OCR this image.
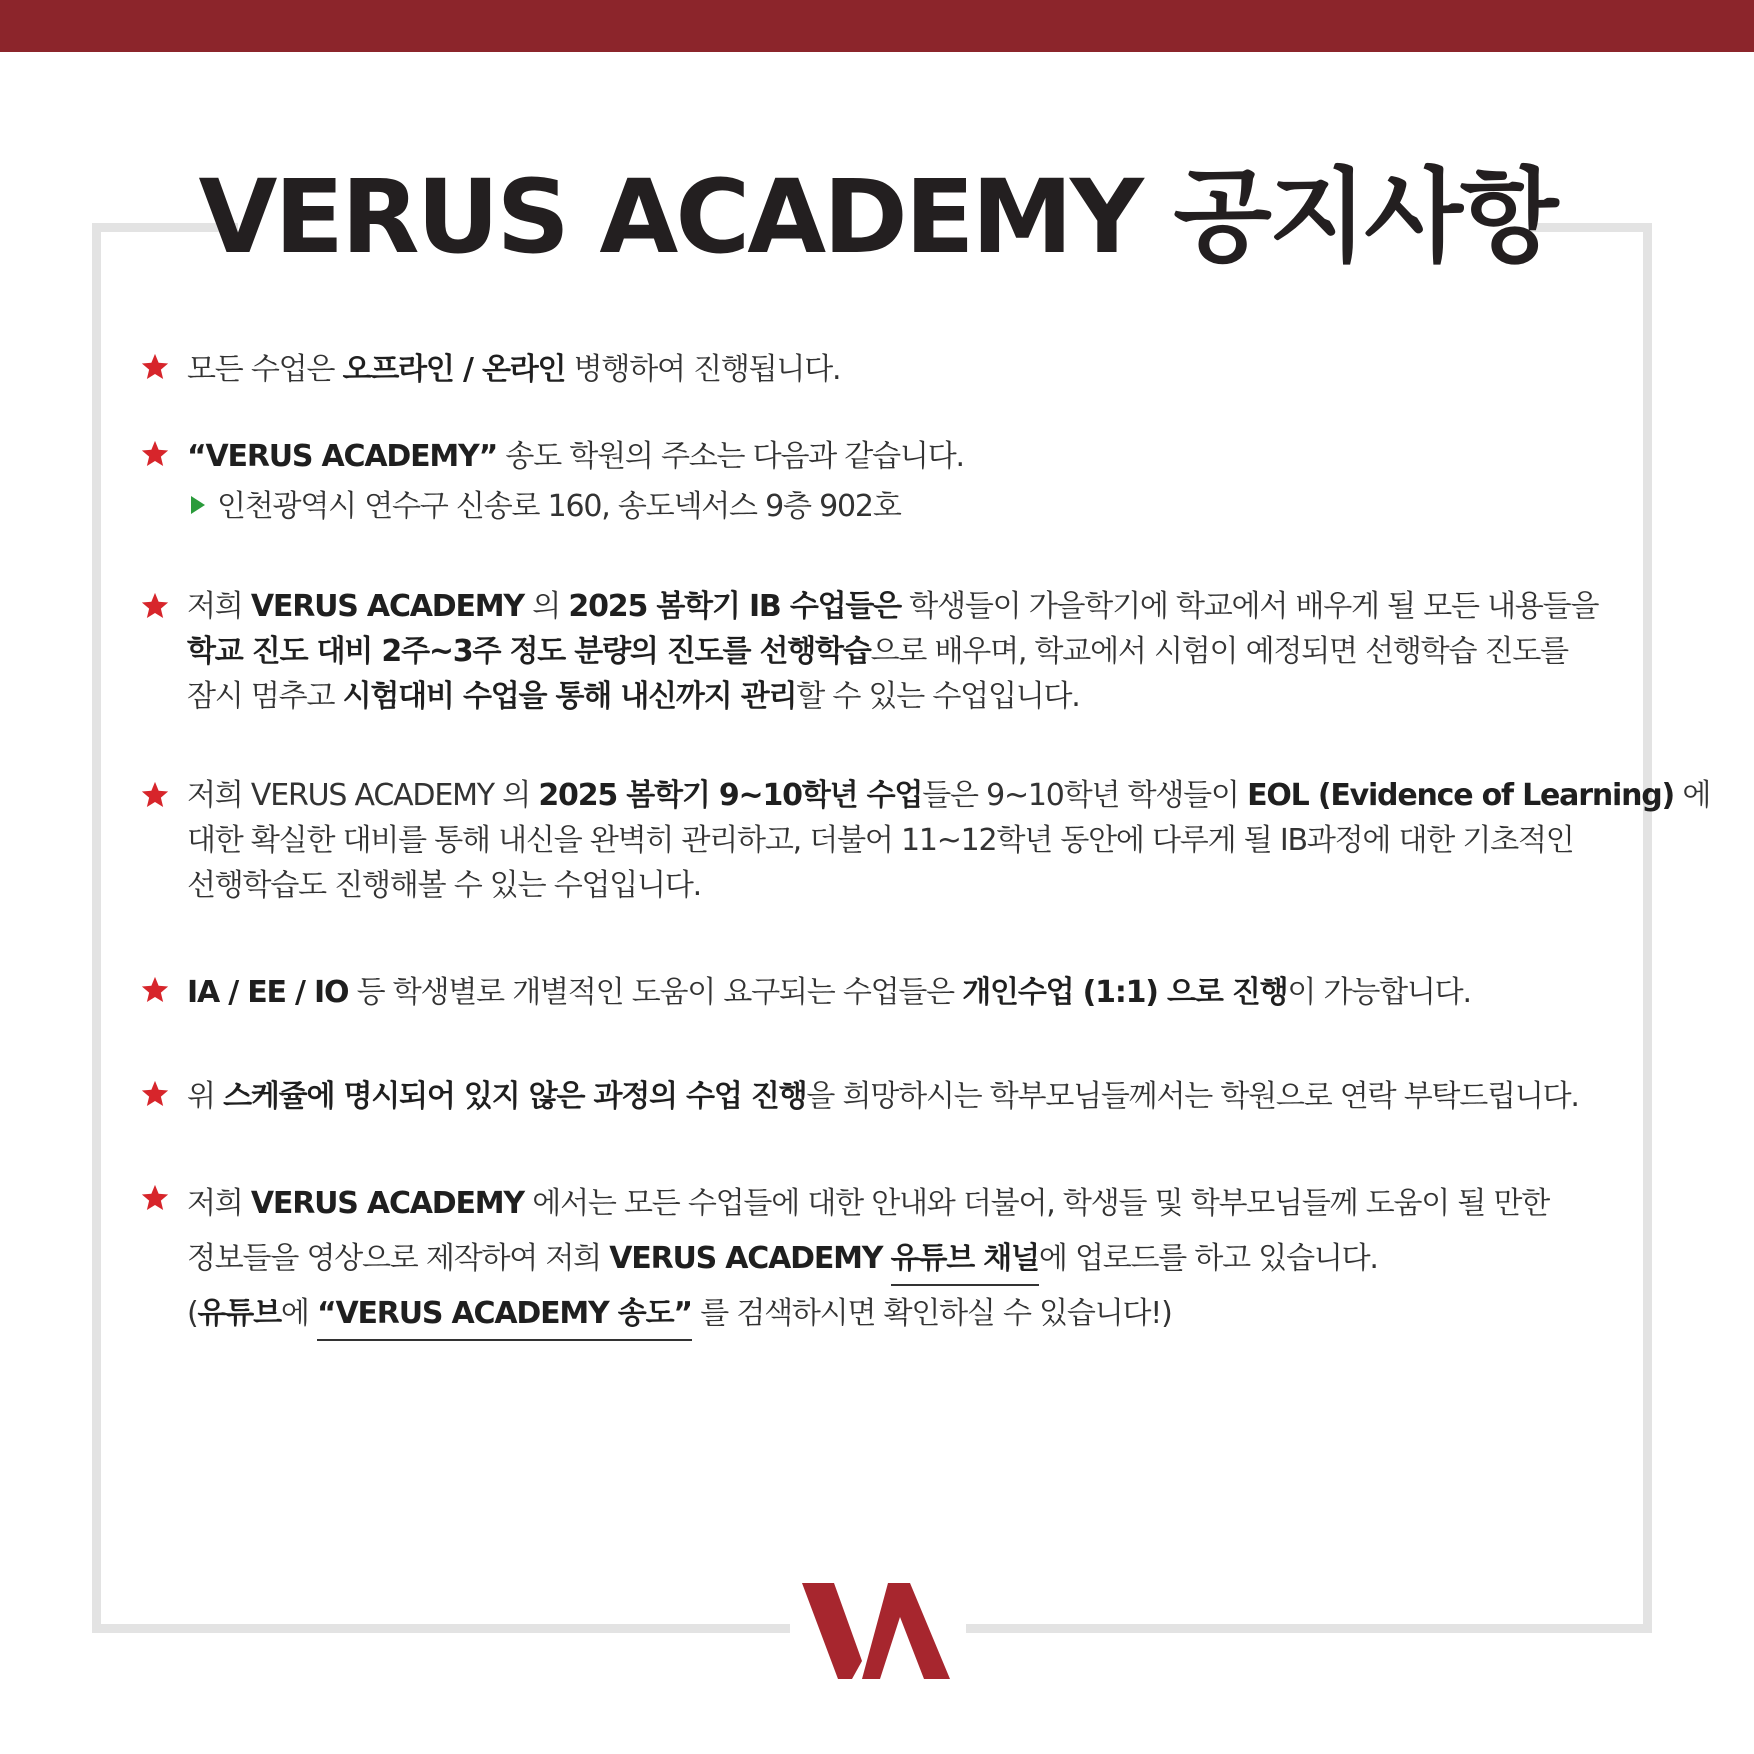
VERUS ACADEMY 공지사항
모든 수업은 오프라인 / 온라인 병행하여 진행됩니다.
“VERUS ACADEMY” 송도 학원의 주소는 다음과 같습니다.
인천광역시 연수구 신송로 160, 송도넥서스 9층 902호
저희 VERUS ACADEMY 의 2025 봄학기 IB 수업들은 학생들이 가을학기에 학교에서 배우게 될 모든 내용들을
학교 진도 대비 2주~3주 정도 분량의 진도를 선행학습으로 배우며, 학교에서 시험이 예정되면 선행학습 진도를
잠시 멈추고 시험대비 수업을 통해 내신까지 관리할 수 있는 수업입니다.
저희 VERUS ACADEMY 의 2025 봄학기 9~10학년 수업들은 9~10학년 학생들이 EOL (Evidence of Learning) 에
대한 확실한 대비를 통해 내신을 완벽히 관리하고, 더불어 11~12학년 동안에 다루게 될 IB과정에 대한 기초적인
선행학습도 진행해볼 수 있는 수업입니다.
IA / EE / IO 등 학생별로 개별적인 도움이 요구되는 수업들은 개인수업 (1:1) 으로 진행이 가능합니다.
위 스케쥴에 명시되어 있지 않은 과정의 수업 진행을 희망하시는 학부모님들께서는 학원으로 연락 부탁드립니다.
저희 VERUS ACADEMY 에서는 모든 수업들에 대한 안내와 더불어, 학생들 및 학부모님들께 도움이 될 만한
정보들을 영상으로 제작하여 저희 VERUS ACADEMY 유튜브 채널에 업로드를 하고 있습니다.
(유튜브에 “VERUS ACADEMY 송도” 를 검색하시면 확인하실 수 있습니다!)
